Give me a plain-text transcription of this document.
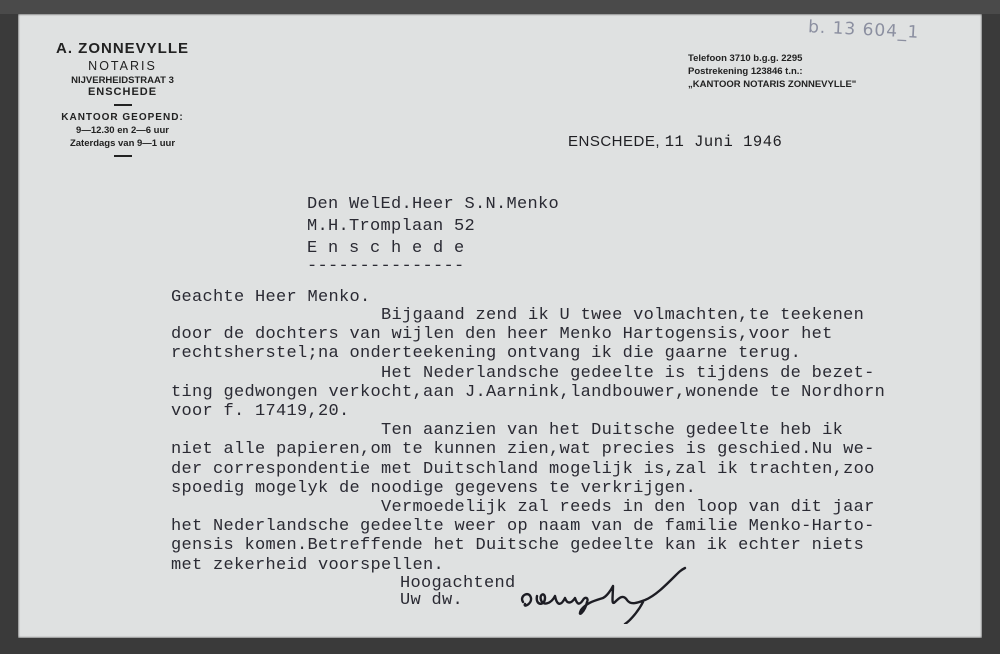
A. ZONNEVYLLE
NOTARIS
NIJVERHEIDSTRAAT 3
ENSCHEDE
KANTOOR GEOPEND:
9—12.30 en 2—6 uur
Zaterdags van 9—1 uur
Telefoon 3710 b.g.g. 2295
Postrekening 123846 t.n.:
„KANTOOR NOTARIS ZONNEVYLLE"
b. 13 604_1
ENSCHEDE, 11 Juni 1946
Den WelEd.Heer S.N.Menko
M.H.Tromplaan 52
E n s c h e d e
---------------
Geachte Heer Menko.
Bijgaand zend ik U twee volmachten,te teekenen
door de dochters van wijlen den heer Menko Hartogensis,voor het
rechtsherstel;na onderteekening ontvang ik die gaarne terug.
Het Nederlandsche gedeelte is tijdens de bezet-
ting gedwongen verkocht,aan J.Aarnink,landbouwer,wonende te Nordhorn
voor f. 17419,20.
Ten aanzien van het Duitsche gedeelte heb ik
niet alle papieren,om te kunnen zien,wat precies is geschied.Nu we-
der correspondentie met Duitschland mogelijk is,zal ik trachten,zoo
spoedig mogelyk de noodige gegevens te verkrijgen.
Vermoedelijk zal reeds in den loop van dit jaar
het Nederlandsche gedeelte weer op naam van de familie Menko-Harto-
gensis komen.Betreffende het Duitsche gedeelte kan ik echter niets
met zekerheid voorspellen.
Hoogachtend
Uw dw.
